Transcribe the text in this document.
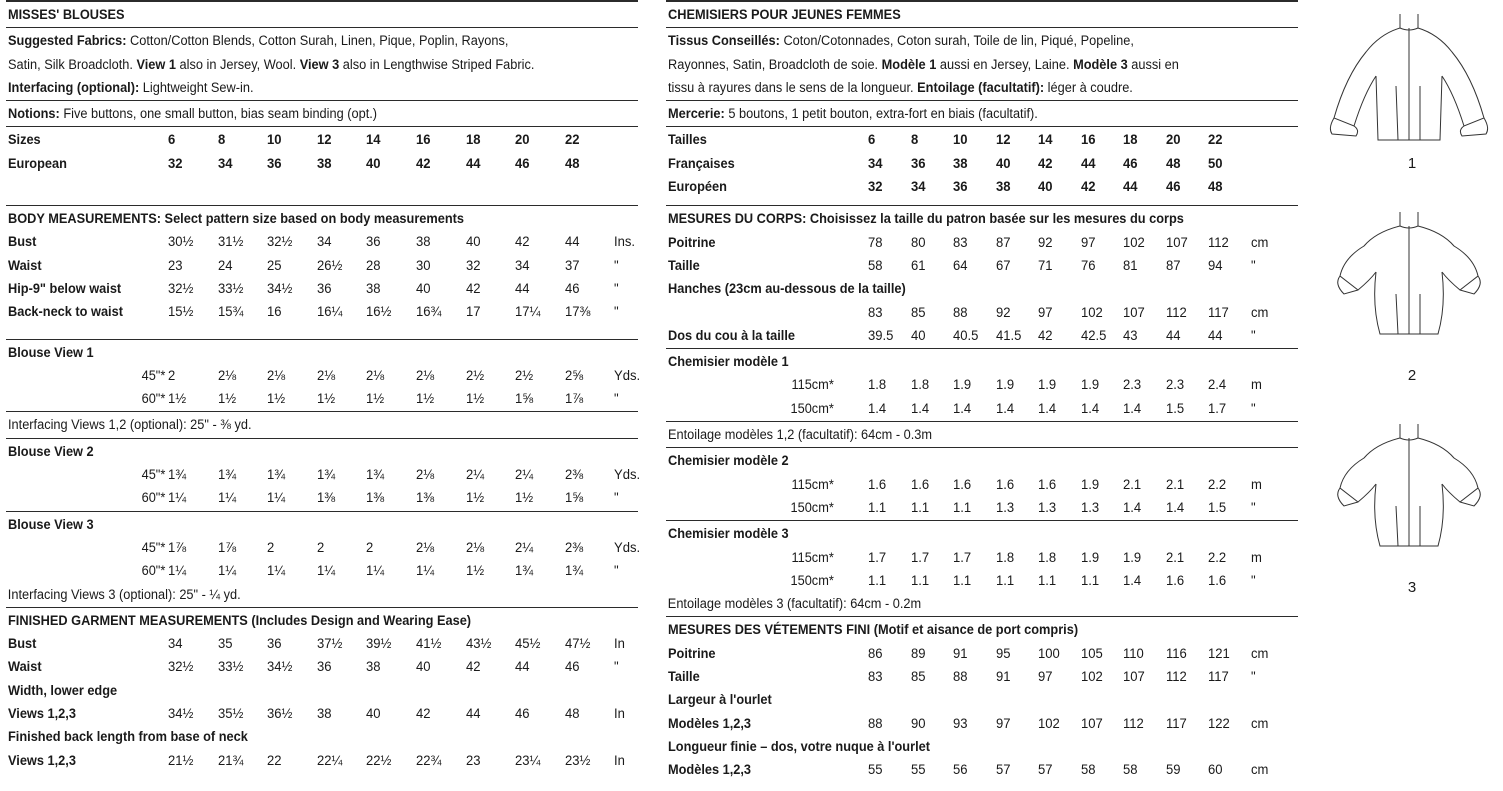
MISSES' BLOUSES
Suggested Fabrics: Cotton/Cotton Blends, Cotton Surah, Linen, Pique, Poplin, Rayons,
Satin, Silk Broadcloth. View 1 also in Jersey, Wool. View 3 also in Lengthwise Striped Fabric.
Interfacing (optional): Lightweight Sew-in.
Notions: Five buttons, one small button, bias seam binding (opt.)
Sizes	6	8	10	12	14	16	18	20	22
European	32	34	36	38	40	42	44	46	48
BODY MEASUREMENTS: Select pattern size based on body measurements
Bust	30½	31½	32½	34	36	38	40	42	44	Ins.
Waist	23	24	25	26½	28	30	32	34	37	"
Hip-9" below waist	32½	33½	34½	36	38	40	42	44	46	"
Back-neck to waist	15½	15¾	16	16¼	16½	16¾	17	17¼	17⅜	"
Blouse View 1
45"* 2	2⅛	2⅛	2⅛	2⅛	2⅛	2½	2½	2⅝	Yds.
60"* 1½	1½	1½	1½	1½	1½	1½	1⅝	1⅞	"
Interfacing Views 1,2 (optional): 25" - ⅜ yd.
Blouse View 2
45"* 1¾	1¾	1¾	1¾	1¾	2⅛	2¼	2¼	2⅜	Yds.
60"* 1¼	1¼	1¼	1⅜	1⅜	1⅜	1½	1½	1⅝	"
Blouse View 3
45"* 1⅞	1⅞	2	2	2	2⅛	2⅛	2¼	2⅜	Yds.
60"* 1¼	1¼	1¼	1¼	1¼	1¼	1½	1¾	1¾	"
Interfacing Views 3 (optional): 25" - ¼ yd.
FINISHED GARMENT MEASUREMENTS (Includes Design and Wearing Ease)
Bust	34	35	36	37½	39½	41½	43½	45½	47½	In
Waist	32½	33½	34½	36	38	40	42	44	46	"
Width, lower edge
Views 1,2,3	34½	35½	36½	38	40	42	44	46	48	In
Finished back length from base of neck
Views 1,2,3	21½	21¾	22	22¼	22½	22¾	23	23¼	23½	In
CHEMISIERS POUR JEUNES FEMMES
Tissus Conseillés: Coton/Cotonnades, Coton surah, Toile de lin, Piqué, Popeline,
Rayonnes, Satin, Broadcloth de soie. Modèle 1 aussi en Jersey, Laine. Modèle 3 aussi en
tissu à rayures dans le sens de la longueur. Entoilage (facultatif): léger à coudre.
Mercerie: 5 boutons, 1 petit bouton, extra-fort en biais (facultatif).
Tailles	6	8	10	12	14	16	18	20	22
Françaises	34	36	38	40	42	44	46	48	50
Européen	32	34	36	38	40	42	44	46	48
MESURES DU CORPS: Choisissez la taille du patron basée sur les mesures du corps
Poitrine	78	80	83	87	92	97	102	107	112	cm
Taille	58	61	64	67	71	76	81	87	94	"
Hanches (23cm au-dessous de la taille)
83	85	88	92	97	102	107	112	117	cm
Dos du cou à la taille	39.5	40	40.5	41.5	42	42.5	43	44	44	"
Chemisier modèle 1
115cm*	1.8	1.8	1.9	1.9	1.9	1.9	2.3	2.3	2.4	m
150cm*	1.4	1.4	1.4	1.4	1.4	1.4	1.4	1.5	1.7	"
Entoilage modèles 1,2 (facultatif): 64cm - 0.3m
Chemisier modèle 2
115cm*	1.6	1.6	1.6	1.6	1.6	1.9	2.1	2.1	2.2	m
150cm*	1.1	1.1	1.1	1.3	1.3	1.3	1.4	1.4	1.5	"
Chemisier modèle 3
115cm*	1.7	1.7	1.7	1.8	1.8	1.9	1.9	2.1	2.2	m
150cm*	1.1	1.1	1.1	1.1	1.1	1.1	1.4	1.6	1.6	"
Entoilage modèles 3 (facultatif): 64cm - 0.2m
MESURES DES VÉTEMENTS FINI (Motif et aisance de port compris)
Poitrine	86	89	91	95	100	105	110	116	121	cm
Taille	83	85	88	91	97	102	107	112	117	"
Largeur à l'ourlet
Modèles 1,2,3	88	90	93	97	102	107	112	117	122	cm
Longueur finie – dos, votre nuque à l'ourlet
Modèles 1,2,3	55	55	56	57	57	58	58	59	60	cm
1
2
3
